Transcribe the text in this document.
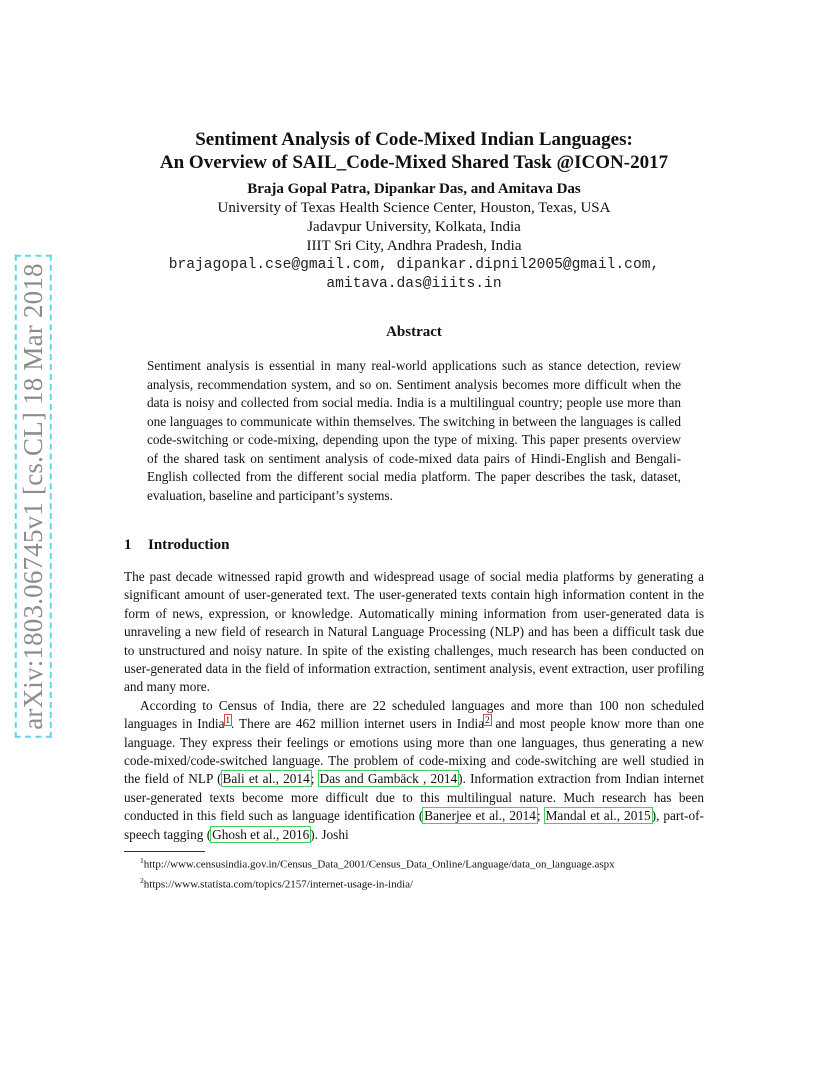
arXiv:1803.06745v1 [cs.CL] 18 Mar 2018
Sentiment Analysis of Code-Mixed Indian Languages:
An Overview of SAIL_Code-Mixed Shared Task @ICON-2017
Braja Gopal Patra, Dipankar Das, and Amitava Das
University of Texas Health Science Center, Houston, Texas, USA
Jadavpur University, Kolkata, India
IIIT Sri City, Andhra Pradesh, India
brajagopal.cse@gmail.com, dipankar.dipnil2005@gmail.com,
amitava.das@iiits.in
Abstract

Sentiment analysis is essential in many real-world applications such as stance detection, review analysis, recommendation system, and so on. Sentiment analysis becomes more difficult when the data is noisy and collected from social media. India is a multilingual country; people use more than one languages to communicate within themselves. The switching in between the languages is called code-switching or code-mixing, depending upon the type of mixing. This paper presents overview of the shared task on sentiment analysis of code-mixed data pairs of Hindi-English and Bengali-English collected from the different social media platform. The paper describes the task, dataset, evaluation, baseline and participant’s systems.

1 Introduction

The past decade witnessed rapid growth and widespread usage of social media platforms by generating a significant amount of user-generated text. The user-generated texts contain high information content in the form of news, expression, or knowledge. Automatically mining information from user-generated data is unraveling a new field of research in Natural Language Processing (NLP) and has been a difficult task due to unstructured and noisy nature. In spite of the existing challenges, much research has been conducted on user-generated data in the field of information extraction, sentiment analysis, event extraction, user profiling and many more.

According to Census of India, there are 22 scheduled languages and more than 100 non scheduled languages in India$^1$. There are 462 million internet users in India$^2$ and most people know more than one language. They express their feelings or emotions using more than one languages, thus generating a new code-mixed/code-switched language. The problem of code-mixing and code-switching are well studied in the field of NLP (Bali et al., 2014; Das and Gambäck , 2014). Information extraction from Indian internet user-generated texts become more difficult due to this multilingual nature. Much research has been conducted in this field such as language identification (Banerjee et al., 2014; Mandal et al., 2015), part-of-speech tagging (Ghosh et al., 2016). Joshi

$^1$http://www.censusindia.gov.in/Census_Data_2001/Census_Data_Online/Language/data_on_language.aspx
$^2$https://www.statista.com/topics/2157/internet-usage-in-india/
